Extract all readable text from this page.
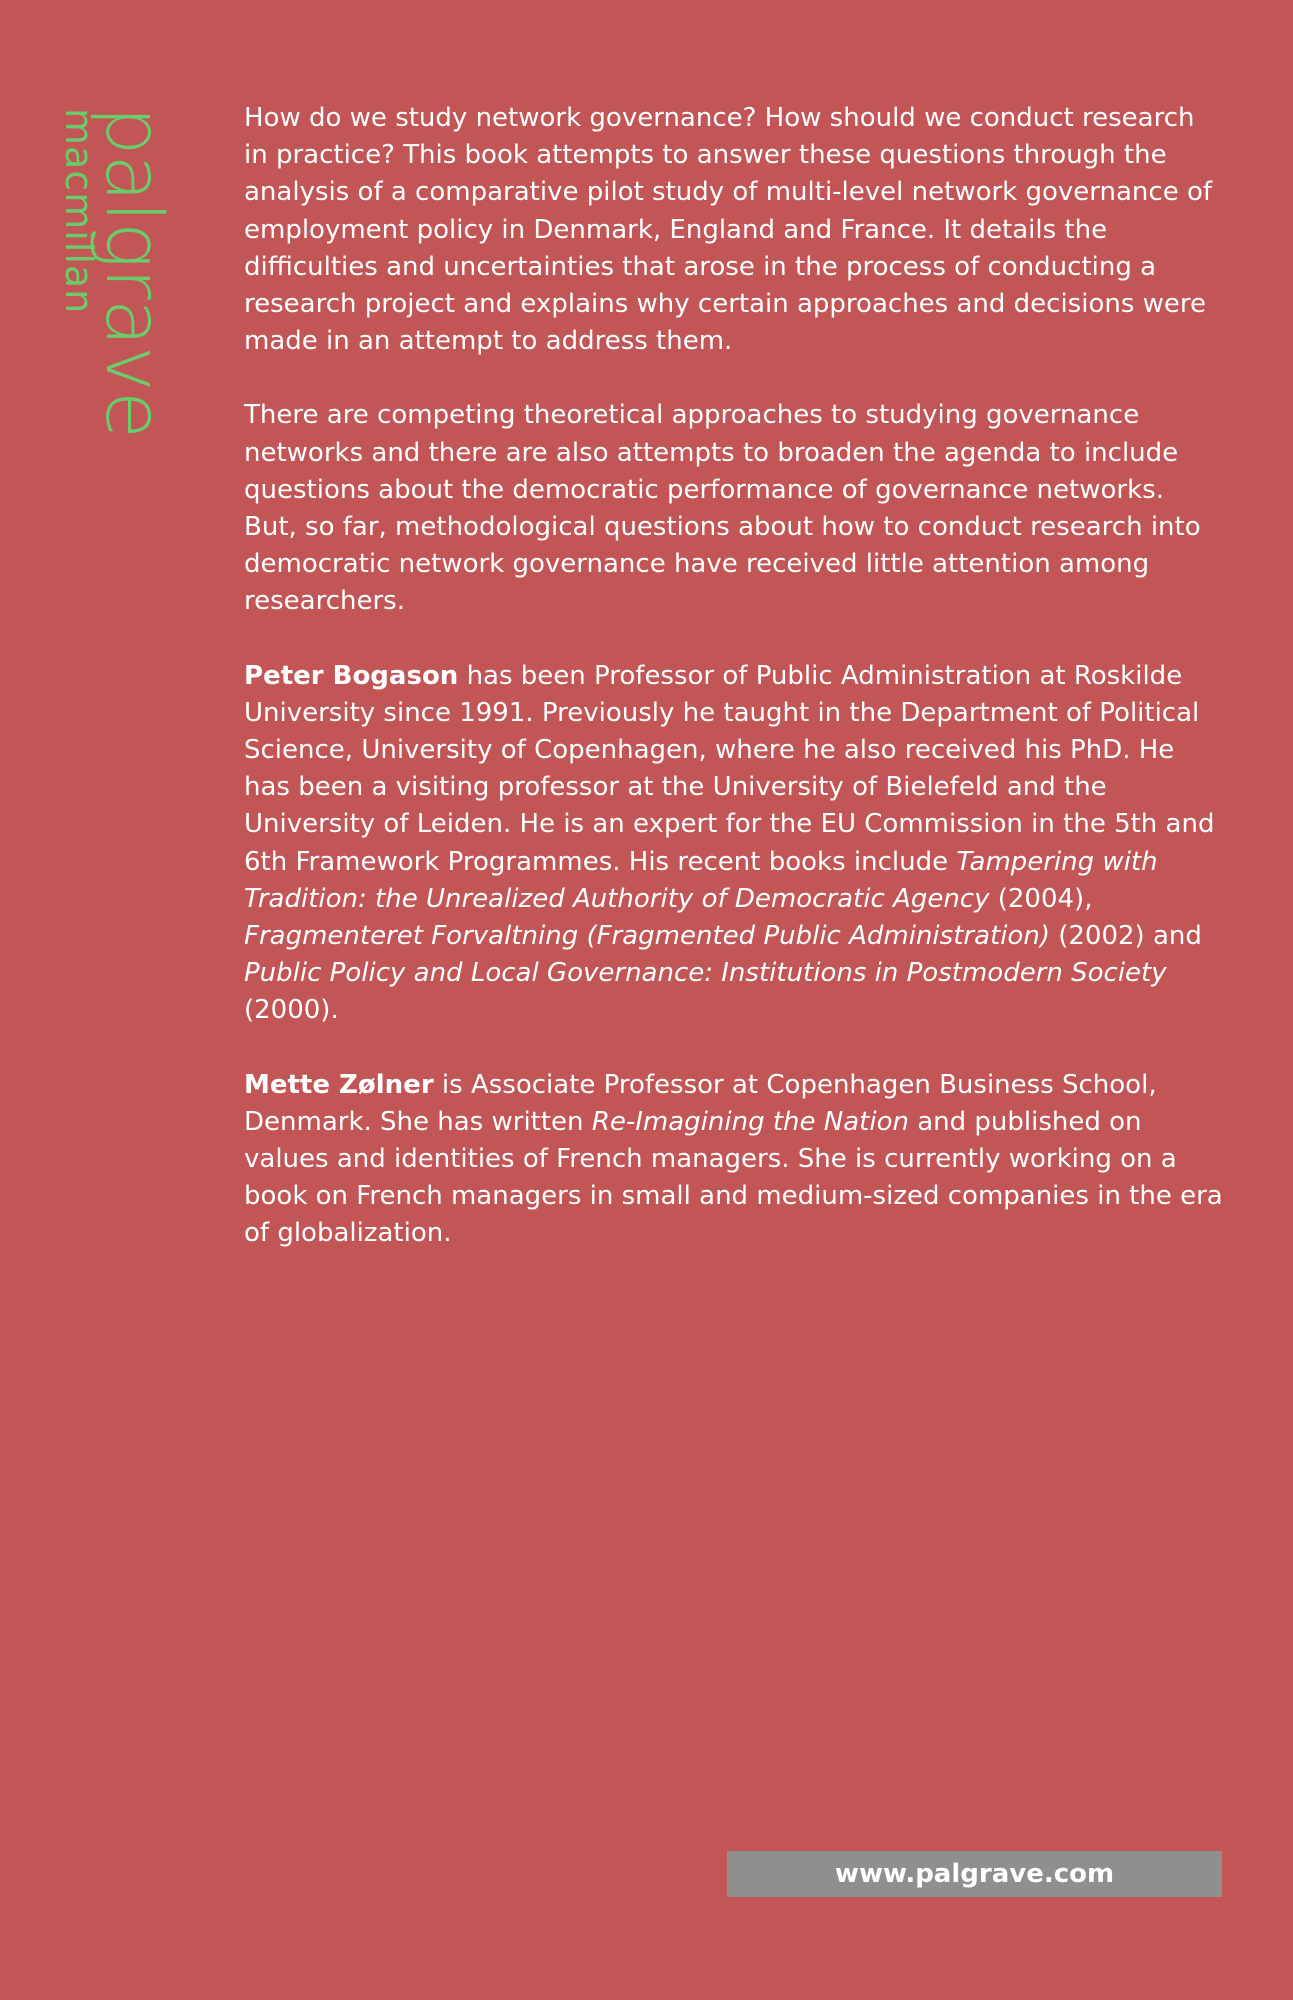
palgrave
macmillan	How do we study network governance? How should we conduct research in practice? This book attempts to answer these questions through the analysis of a comparative pilot study of multi-level network governance of employment policy in Denmark, England and France. It details the difficulties and uncertainties that arose in the process of conducting a research project and explains why certain approaches and decisions were made in an attempt to address them.

There are competing theoretical approaches to studying governance networks and there are also attempts to broaden the agenda to include questions about the democratic performance of governance networks. But, so far, methodological questions about how to conduct research into democratic network governance have received little attention among researchers.

Peter Bogason has been Professor of Public Administration at Roskilde University since 1991. Previously he taught in the Department of Political Science, University of Copenhagen, where he also received his PhD. He has been a visiting professor at the University of Bielefeld and the University of Leiden. He is an expert for the EU Commission in the 5th and 6th Framework Programmes. His recent books include Tampering with Tradition: the Unrealized Authority of Democratic Agency (2004), Fragmenteret Forvaltning (Fragmented Public Administration) (2002) and Public Policy and Local Governance: Institutions in Postmodern Society (2000).

Mette Zølner is Associate Professor at Copenhagen Business School, Denmark. She has written Re-Imagining the Nation and published on values and identities of French managers. She is currently working on a book on French managers in small and medium-sized companies in the era of globalization.

www.palgrave.com
